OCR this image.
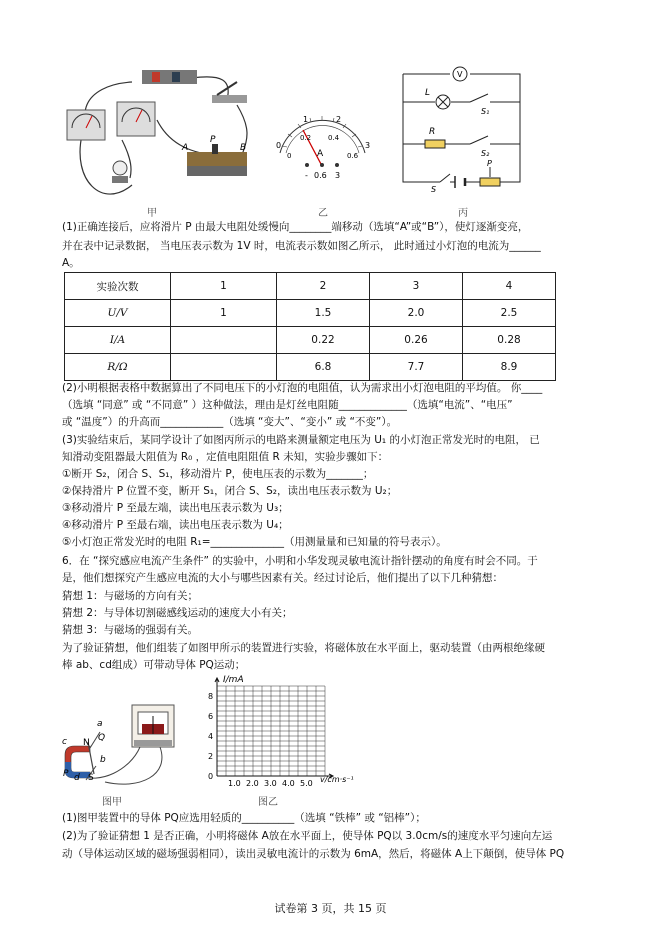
A
P
B
甲
0
1	2
3
0
0.2 0.4
0.6
A
- 0.6 3
乙
V
L
S₁
R
S₂
S
P
丙
(1)正确连接后，应将滑片 P 由最大电阻处缓慢向________端移动（选填“A”或“B”），使灯逐渐变亮，
并在表中记录数据， 当电压表示数为 1V 时，电流表示数如图乙所示， 此时通过小灯泡的电流为______
A。
实验次数	1	2	3	4
U/V	1	1.5	2.0	2.5
I/A		0.22	0.26	0.28
R/Ω		6.8	7.7	8.9
(2)小明根据表格中数据算出了不同电压下的小灯泡的电阻值，认为需求出小灯泡电阻的平均值。 你____
（选填 “同意” 或 “不同意” ）这种做法，理由是灯丝电阻随_____________（选填“电流”、“电压”
或 “温度”）的升高而____________（选填 “变大”、“变小” 或 “不变”）。
(3)实验结束后，某同学设计了如图丙所示的电路来测量额定电压为 U₁ 的小灯泡正常发光时的电阻， 已
知滑动变阻器最大阻值为 R₀ ，定值电阻阻值 R 未知，实验步骤如下：
①断开 S₂，闭合 S、S₁，移动滑片 P，使电压表的示数为_______；
②保持滑片 P 位置不变，断开 S₁，闭合 S、S₂，读出电压表示数为 U₂；
③移动滑片 P 至最左端，读出电压表示数为 U₃；
④移动滑片 P 至最右端，读出电压表示数为 U₄；
⑤小灯泡正常发光时的电阻 R₁=______________（用测量量和已知量的符号表示）。
6．在 “探究感应电流产生条件” 的实验中，小明和小华发现灵敏电流计指针摆动的角度有时会不同。于
是，他们想探究产生感应电流的大小与哪些因素有关。经过讨论后，他们提出了以下几种猜想：
猜想 1：与磁场的方向有关；
猜想 2：与导体切割磁感线运动的速度大小有关；
猜想 3：与磁场的强弱有关。
为了验证猜想，他们组装了如图甲所示的装置进行实验，将磁体放在水平面上，驱动装置（由两根绝缘硬
棒 ab、cd组成）可带动导体 PQ运动；
c N Q
a
b
P d S
图甲
1.0 2.0 3.0 4.0 5.0
0
2
4
6
8
I/mA
v/cm·s⁻¹
图乙
(1)图甲装置中的导体 PQ应选用轻质的__________（选填 “铁棒” 或 “铝棒”）；
(2)为了验证猜想 1 是否正确，小明将磁体 A放在水平面上，使导体 PQ以 3.0cm/s的速度水平匀速向左运
动（导体运动区域的磁场强弱相同），读出灵敏电流计的示数为 6mA，然后，将磁体 A上下颠倒，使导体 PQ
试卷第 3 页，共 15 页
